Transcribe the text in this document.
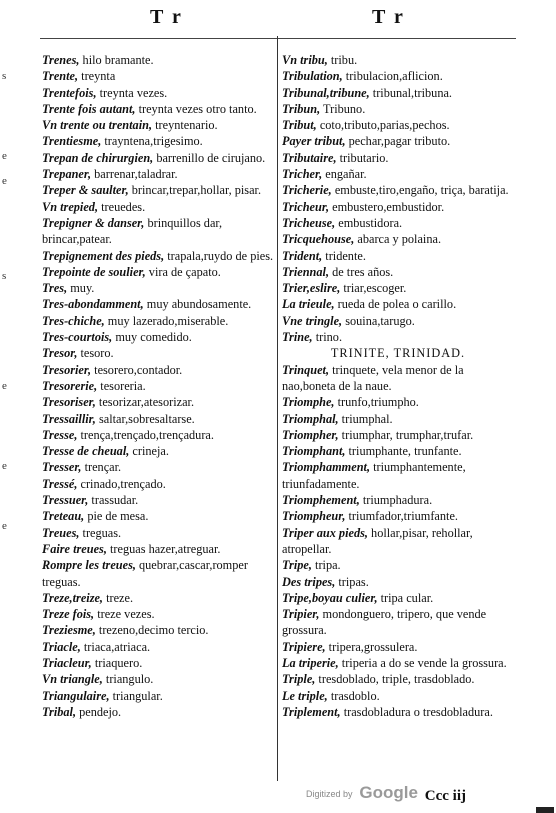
T r	T r
Trenes, hilo bramante.
Trente, treynta
Trentefois, treynta vezes.
Trente fois autant, treynta vezes otro tanto.
Vn trente ou trentain, treyntenario.
Trentiesme, trayntena,trigesimo.
Trepan de chirurgien, barrenillo de cirujano.
Trepaner, barrenar,taladrar.
Treper & saulter, brincar,trepar,hollar, pisar.
Vn trepied, treuedes.
Trepigner & danser, brinquillos dar, brincar,patear.
Trepignement des pieds, trapala,ruydo de pies.
Trepointe de soulier, vira de çapato.
Tres, muy.
Tres-abondamment, muy abundosamente.
Tres-chiche, muy lazerado,miserable.
Tres-courtois, muy comedido.
Tresor, tesoro.
Tresorier, tesorero,contador.
Tresorerie, tesoreria.
Tresoriser, tesorizar,atesorizar.
Tressaillir, saltar,sobresaltarse.
Tresse, trença,trençado,trençadura.
Tresse de cheual, crineja.
Tresser, trençar.
Tressé, crinado,trençado.
Tressuer, trassudar.
Treteau, pie de mesa.
Treues, treguas.
Faire treues, treguas hazer,atreguar.
Rompre les treues, quebrar,cascar,romper treguas.
Treze,treize, treze.
Treze fois, treze vezes.
Treziesme, trezeno,decimo tercio.
Triacle, triaca,atriaca.
Triacleur, triaquero.
Vn triangle, triangulo.
Triangulaire, triangular.
Tribal, pendejo.
Vn tribu, tribu.
Tribulation, tribulacion,aflicion.
Tribunal,tribune, tribunal,tribuna.
Tribun, Tribuno.
Tribut, coto,tributo,parias,pechos.
Payer tribut, pechar,pagar tributo.
Tributaire, tributario.
Tricher, engañar.
Tricherie, embuste,tiro,engaño, triça, baratija.
Tricheur, embustero,embustidor.
Tricheuse, embustidora.
Tricquehouse, abarca y polaina.
Trident, tridente.
Triennal, de tres años.
Trier,eslire, triar,escoger.
La trieule, rueda de polea o carillo.
Vne tringle, souina,tarugo.
Trine, trino.
TRINITE, TRINIDAD.
Trinquet, trinquete, vela menor de la nao,boneta de la naue.
Triomphe, trunfo,triumpho.
Triomphal, triumphal.
Triompher, triumphar, trumphar,trufar.
Triomphant, triumphante, trunfante.
Triomphamment, triumphantemente, triunfadamente.
Triomphement, triumphadura.
Triompheur, triumfador,triumfante.
Triper aux pieds, hollar,pisar, rehollar, atropellar.
Tripe, tripa.
Des tripes, tripas.
Tripe,boyau culier, tripa cular.
Tripier, mondonguero, tripero, que vende grossura.
Tripiere, tripera,grossulera.
La triperie, triperia a do se vende la grossura.
Triple, tresdoblado, triple, trasdoblado.
Le triple, trasdoblo.
Triplement, trasdobladura o tresdobladura.
s
e
e
s
e
e
e
Digitized by Google Ccc iij
